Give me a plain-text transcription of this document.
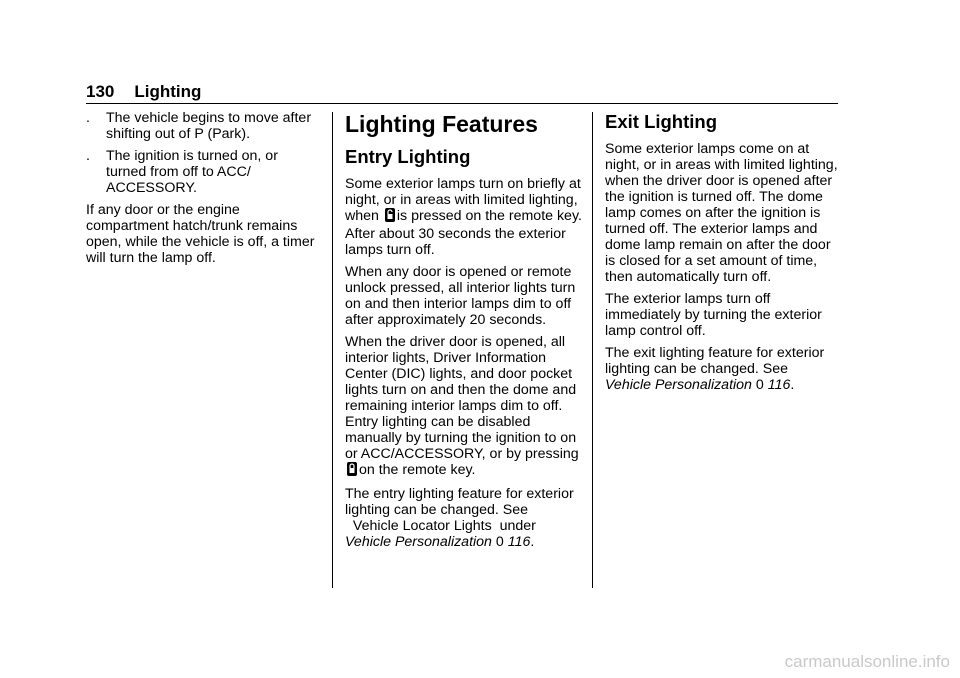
130 Lighting
.	The vehicle begins to move after shifting out of P (Park).
.	The ignition is turned on, or turned from off to ACC/ ACCESSORY.

If any door or the engine compartment hatch/trunk remains open, while the vehicle is off, a timer will turn the lamp off.

Lighting Features
Entry Lighting

Some exterior lamps turn on briefly at night, or in areas with limited lighting, when is pressed on the remote key. After about 30 seconds the exterior lamps turn off.

When any door is opened or remote unlock pressed, all interior lights turn on and then interior lamps dim to off after approximately 20 seconds.

When the driver door is opened, all interior lights, Driver Information Center (DIC) lights, and door pocket lights turn on and then the dome and remaining interior lamps dim to off. Entry lighting can be disabled manually by turning the ignition to on or ACC/ACCESSORY, or by pressing on the remote key.

The entry lighting feature for exterior lighting can be changed. See
Vehicle Locator Lights under
Vehicle Personalization 0 116.

Exit Lighting

Some exterior lamps come on at night, or in areas with limited lighting, when the driver door is opened after the ignition is turned off. The dome lamp comes on after the ignition is turned off. The exterior lamps and dome lamp remain on after the door is closed for a set amount of time, then automatically turn off.

The exterior lamps turn off immediately by turning the exterior lamp control off.

The exit lighting feature for exterior lighting can be changed. See
Vehicle Personalization 0 116.

carmanualsonline.info
